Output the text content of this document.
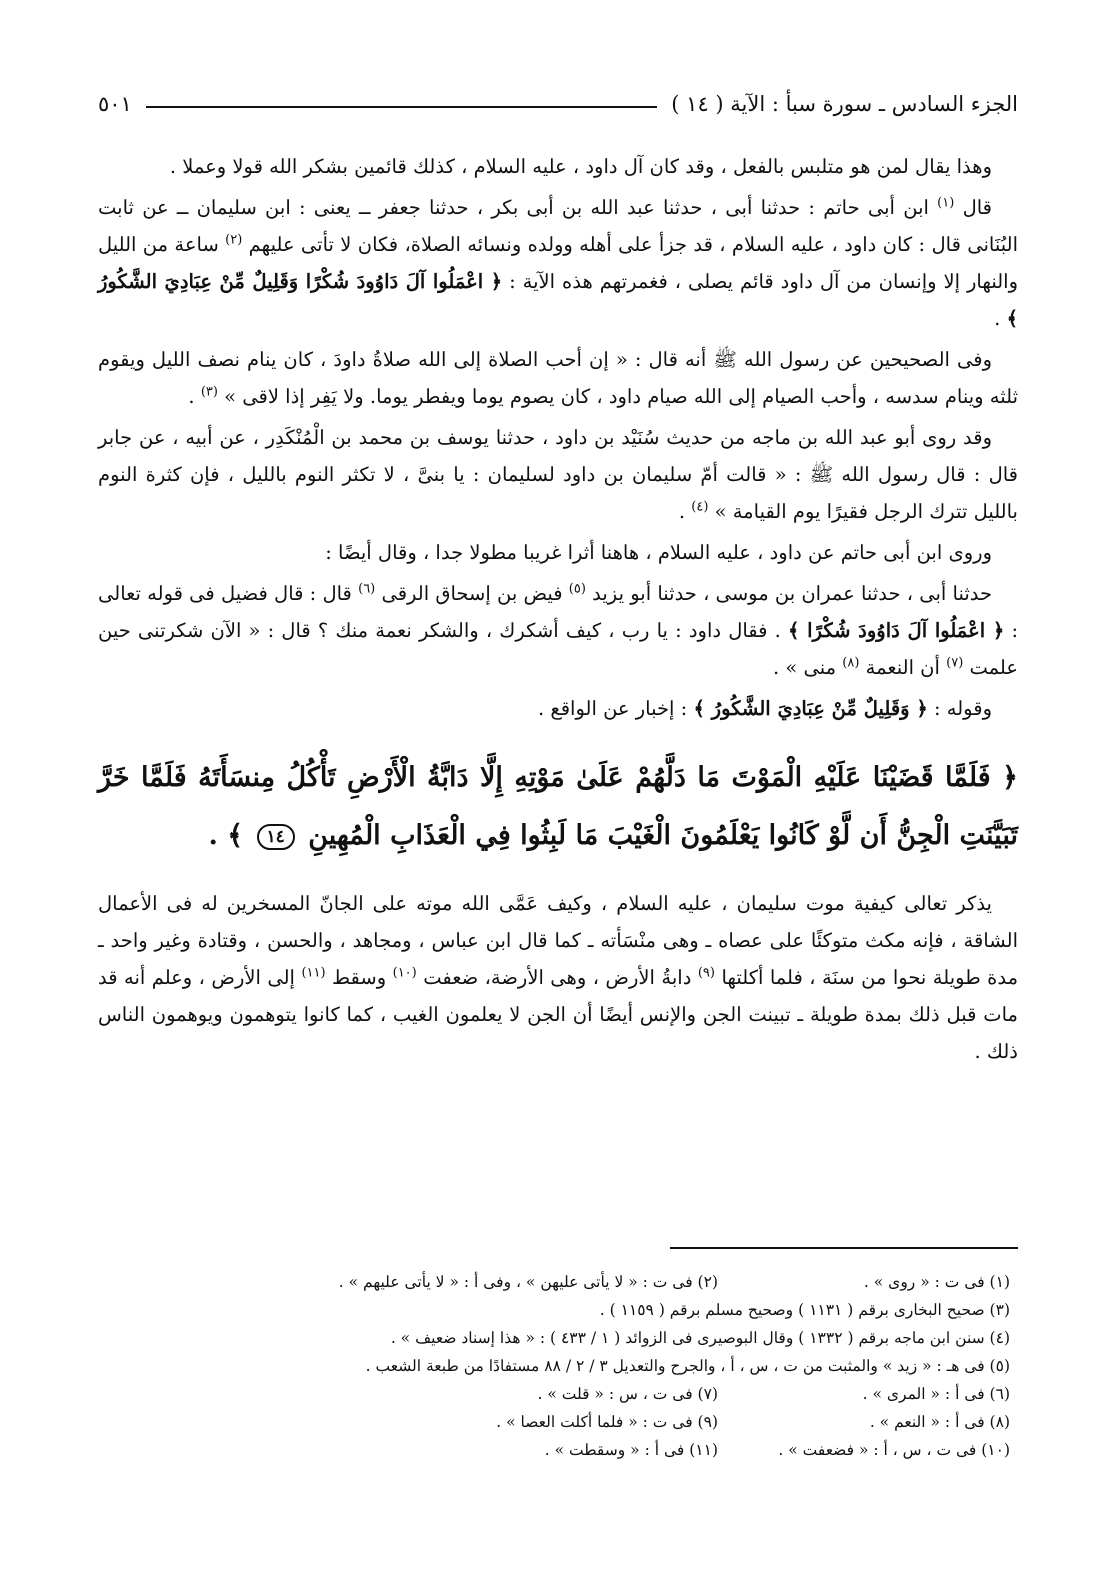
الجزء السادس ـ سورة سبأ : الآية ( ١٤ )
٥٠١

وهذا يقال لمن هو متلبس بالفعل ، وقد كان آل داود ، عليه السلام ، كذلك قائمين بشكر الله قولا وعملا .

قال $^{(١)}$ ابن أبى حاتم : حدثنا أبى ، حدثنا عبد الله بن أبى بكر ، حدثنا جعفر ــ يعنى : ابن سليمان ــ عن ثابت البُنَانى قال : كان داود ، عليه السلام ، قد جزأ على أهله وولده ونسائه الصلاة، فكان لا تأتى عليهم $^{(٢)}$ ساعة من الليل والنهار إلا وإنسان من آل داود قائم يصلى ، فغمرتهم هذه الآية : ﴿ اعْمَلُوا آلَ دَاوُودَ شُكْرًا وَقَلِيلٌ مِّنْ عِبَادِيَ الشَّكُورُ ﴾ .

وفى الصحيحين عن رسول الله ﷺ أنه قال : « إن أحب الصلاة إلى الله صلاةُ داودَ ، كان ينام نصف الليل ويقوم ثلثه وينام سدسه ، وأحب الصيام إلى الله صيام داود ، كان يصوم يوما ويفطر يوما. ولا يَفِر إذا لاقى » $^{(٣)}$ .

وقد روى أبو عبد الله بن ماجه من حديث سُنَيْد بن داود ، حدثنا يوسف بن محمد بن الْمُنْكَدِر ، عن أبيه ، عن جابر قال : قال رسول الله ﷺ : « قالت أمّ سليمان بن داود لسليمان : يا بنىَّ ، لا تكثر النوم بالليل ، فإن كثرة النوم بالليل تترك الرجل فقيرًا يوم القيامة » $^{(٤)}$ .

وروى ابن أبى حاتم عن داود ، عليه السلام ، هاهنا أثرا غريبا مطولا جدا ، وقال أيضًا :

حدثنا أبى ، حدثنا عمران بن موسى ، حدثنا أبو يزيد $^{(٥)}$ فيض بن إسحاق الرقى $^{(٦)}$ قال : قال فضيل فى قوله تعالى : ﴿ اعْمَلُوا آلَ دَاوُودَ شُكْرًا ﴾ . فقال داود : يا رب ، كيف أشكرك ، والشكر نعمة منك ؟ قال : « الآن شكرتنى حين علمت $^{(٧)}$ أن النعمة $^{(٨)}$ منى » .

وقوله : ﴿ وَقَلِيلٌ مِّنْ عِبَادِيَ الشَّكُورُ ﴾ : إخبار عن الواقع .

﴿ فَلَمَّا قَضَيْنَا عَلَيْهِ الْمَوْتَ مَا دَلَّهُمْ عَلَىٰ مَوْتِهِ إِلَّا دَابَّةُ الْأَرْضِ تَأْكُلُ مِنسَأَتَهُ فَلَمَّا خَرَّ تَبَيَّنَتِ الْجِنُّ أَن لَّوْ كَانُوا يَعْلَمُونَ الْغَيْبَ مَا لَبِثُوا فِي الْعَذَابِ الْمُهِينِ ١٤ ﴾ .

يذكر تعالى كيفية موت سليمان ، عليه السلام ، وكيف عَمَّى الله موته على الجانّ المسخرين له فى الأعمال الشاقة ، فإنه مكث متوكئًا على عصاه ـ وهى منْسَأته ـ كما قال ابن عباس ، ومجاهد ، والحسن ، وقتادة وغير واحد ـ مدة طويلة نحوا من سنَة ، فلما أكلتها $^{(٩)}$ دابةُ الأرض ، وهى الأرضة، ضعفت $^{(١٠)}$ وسقط $^{(١١)}$ إلى الأرض ، وعلم أنه قد مات قبل ذلك بمدة طويلة ـ تبينت الجن والإنس أيضًا أن الجن لا يعلمون الغيب ، كما كانوا يتوهمون ويوهمون الناس ذلك .

(١) فى ت : « روى » .
(٢) فى ت : « لا يأتى عليهن » ، وفى أ : « لا يأتى عليهم » .
(٣) صحيح البخارى برقم ( ١١٣١ ) وصحيح مسلم برقم ( ١١٥٩ ) .
(٤) سنن ابن ماجه برقم ( ١٣٣٢ ) وقال البوصيرى فى الزوائد ( ١ / ٤٣٣ ) : « هذا إسناد ضعيف » .
(٥) فى هـ : « زيد » والمثبت من ت ، س ، أ ، والجرح والتعديل ٣ / ٢ / ٨٨ مستفادًا من طبعة الشعب .
(٦) فى أ : « المرى » .
(٧) فى ت ، س : « قلت » .
(٨) فى أ : « النعم » .
(٩) فى ت : « فلما أكلت العصا » .
(١٠) فى ت ، س ، أ : « فضعفت » .
(١١) فى أ : « وسقطت » .
